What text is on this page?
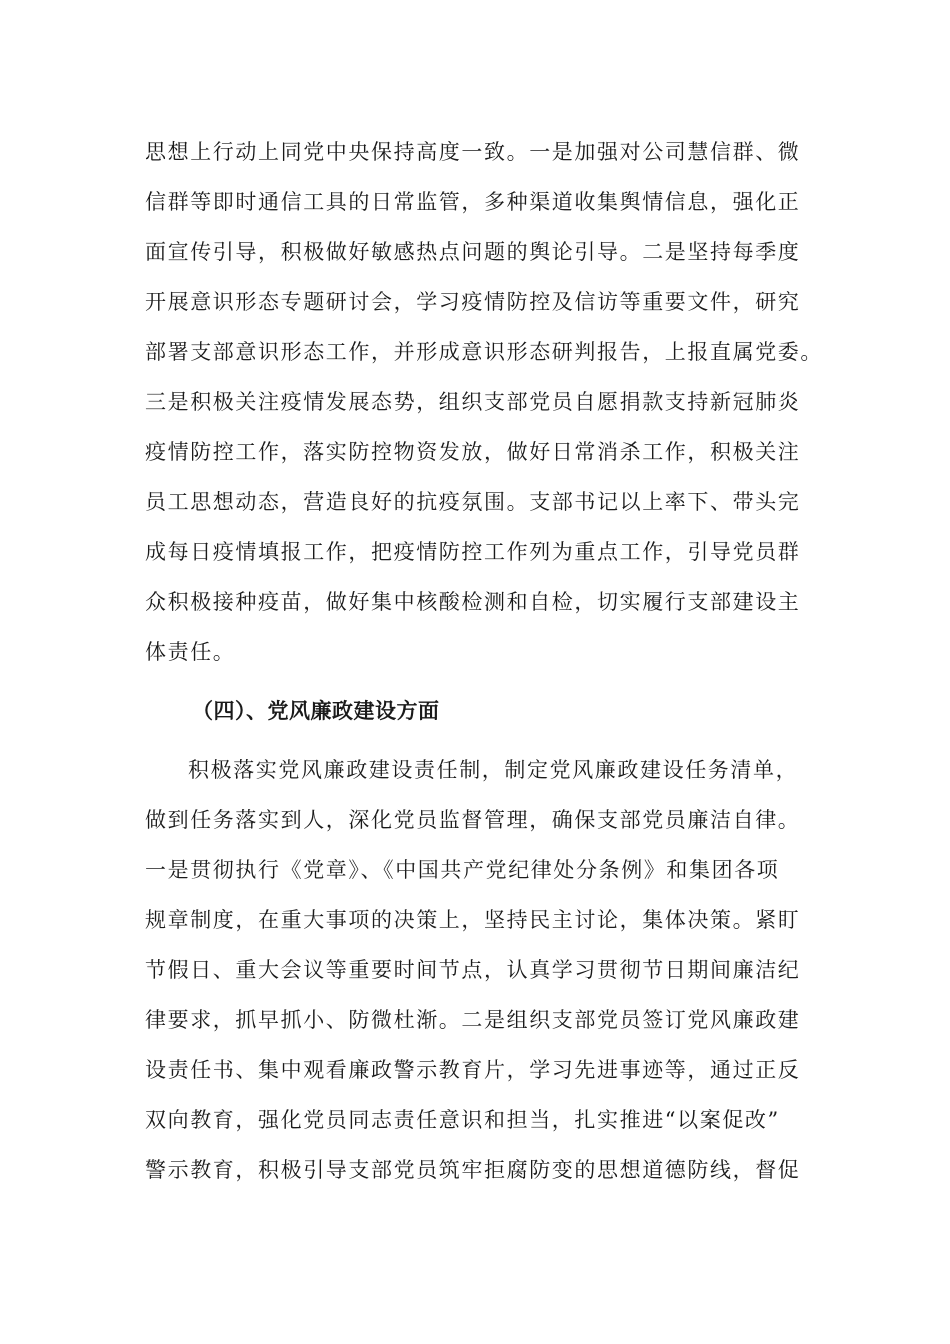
思想上行动上同党中央保持高度一致。一是加强对公司慧信群、微
信群等即时通信工具的日常监管，多种渠道收集舆情信息，强化正
面宣传引导，积极做好敏感热点问题的舆论引导。二是坚持每季度
开展意识形态专题研讨会，学习疫情防控及信访等重要文件，研究
部署支部意识形态工作，并形成意识形态研判报告，上报直属党委。
三是积极关注疫情发展态势，组织支部党员自愿捐款支持新冠肺炎
疫情防控工作，落实防控物资发放，做好日常消杀工作，积极关注
员工思想动态，营造良好的抗疫氛围。支部书记以上率下、带头完
成每日疫情填报工作，把疫情防控工作列为重点工作，引导党员群
众积极接种疫苗，做好集中核酸检测和自检，切实履行支部建设主
体责任。
（四）、党风廉政建设方面
积极落实党风廉政建设责任制，制定党风廉政建设任务清单，
做到任务落实到人，深化党员监督管理，确保支部党员廉洁自律。
一是贯彻执行《党章》、《中国共产党纪律处分条例》和集团各项
规章制度，在重大事项的决策上，坚持民主讨论，集体决策。紧盯
节假日、重大会议等重要时间节点，认真学习贯彻节日期间廉洁纪
律要求，抓早抓小、防微杜渐。二是组织支部党员签订党风廉政建
设责任书、集中观看廉政警示教育片，学习先进事迹等，通过正反
双向教育，强化党员同志责任意识和担当，扎实推进“以案促改”
警示教育，积极引导支部党员筑牢拒腐防变的思想道德防线，督促
